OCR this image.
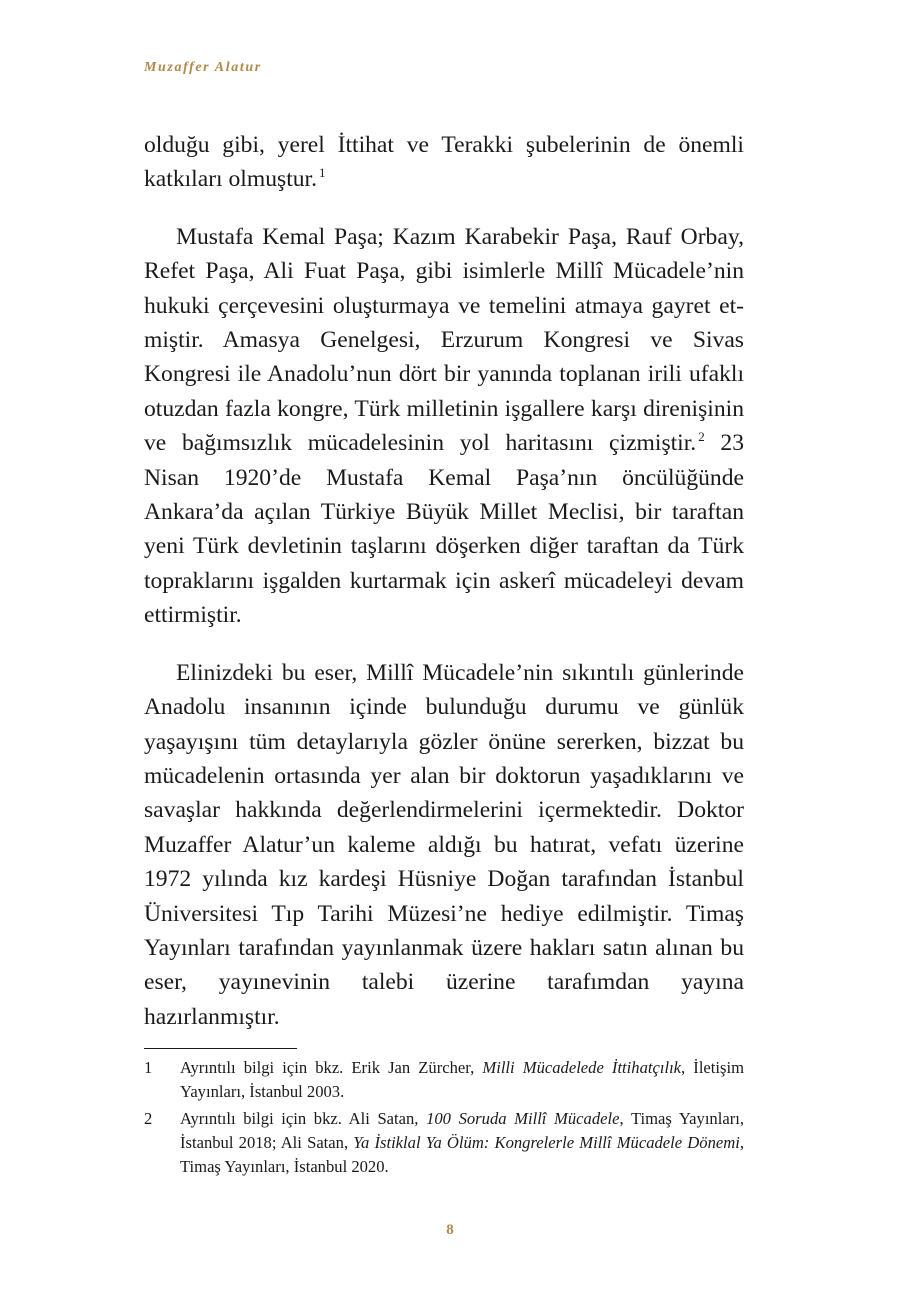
Muzaffer Alatur

olduğu gibi, yerel İttihat ve Terakki şubelerinin de önemli katkıları olmuştur. $^1$

Mustafa Kemal Paşa; Kazım Karabekir Paşa, Rauf Orbay, Refet Paşa, Ali Fuat Paşa, gibi isimlerle Millî Mücadele’nin hukuki çerçevesini oluşturmaya ve temelini atmaya gayret etmiştir. Amasya Genelgesi, Erzurum Kongresi ve Sivas Kongresi ile Anadolu’nun dört bir yanında toplanan irili ufaklı otuzdan fazla kongre, Türk milletinin işgallere karşı direnişinin ve bağımsızlık mücadelesinin yol haritasını çizmiştir. $^2$ 23 Nisan 1920’de Mustafa Kemal Paşa’nın öncülüğünde Ankara’da açılan Türkiye Büyük Millet Meclisi, bir taraftan yeni Türk devletinin taşlarını döşerken diğer taraftan da Türk topraklarını işgalden kurtarmak için askerî mücadeleyi devam ettirmiştir.

Elinizdeki bu eser, Millî Mücadele’nin sıkıntılı günlerinde Anadolu insanının içinde bulunduğu durumu ve günlük yaşayışını tüm detaylarıyla gözler önüne sererken, bizzat bu mücadelenin ortasında yer alan bir doktorun yaşadıklarını ve savaşlar hakkında değerlendirmelerini içermektedir. Doktor Muzaffer Alatur’un kaleme aldığı bu hatırat, vefatı üzerine 1972 yılında kız kardeşi Hüsniye Doğan tarafından İstanbul Üniversitesi Tıp Tarihi Müzesi’ne hediye edilmiştir. Timaş Yayınları tarafından yayınlanmak üzere hakları satın alınan bu eser, yayınevinin talebi üzerine tarafımdan yayına hazırlanmıştır.

1	Ayrıntılı bilgi için bkz. Erik Jan Zürcher, Milli Mücadelede İttihatçılık, İletişim Yayınları, İstanbul 2003.
2	Ayrıntılı bilgi için bkz. Ali Satan, 100 Soruda Millî Mücadele, Timaş Yayınları, İstanbul 2018; Ali Satan, Ya İstiklal Ya Ölüm: Kongrelerle Millî Mücadele Dönemi, Timaş Yayınları, İstanbul 2020.
8
